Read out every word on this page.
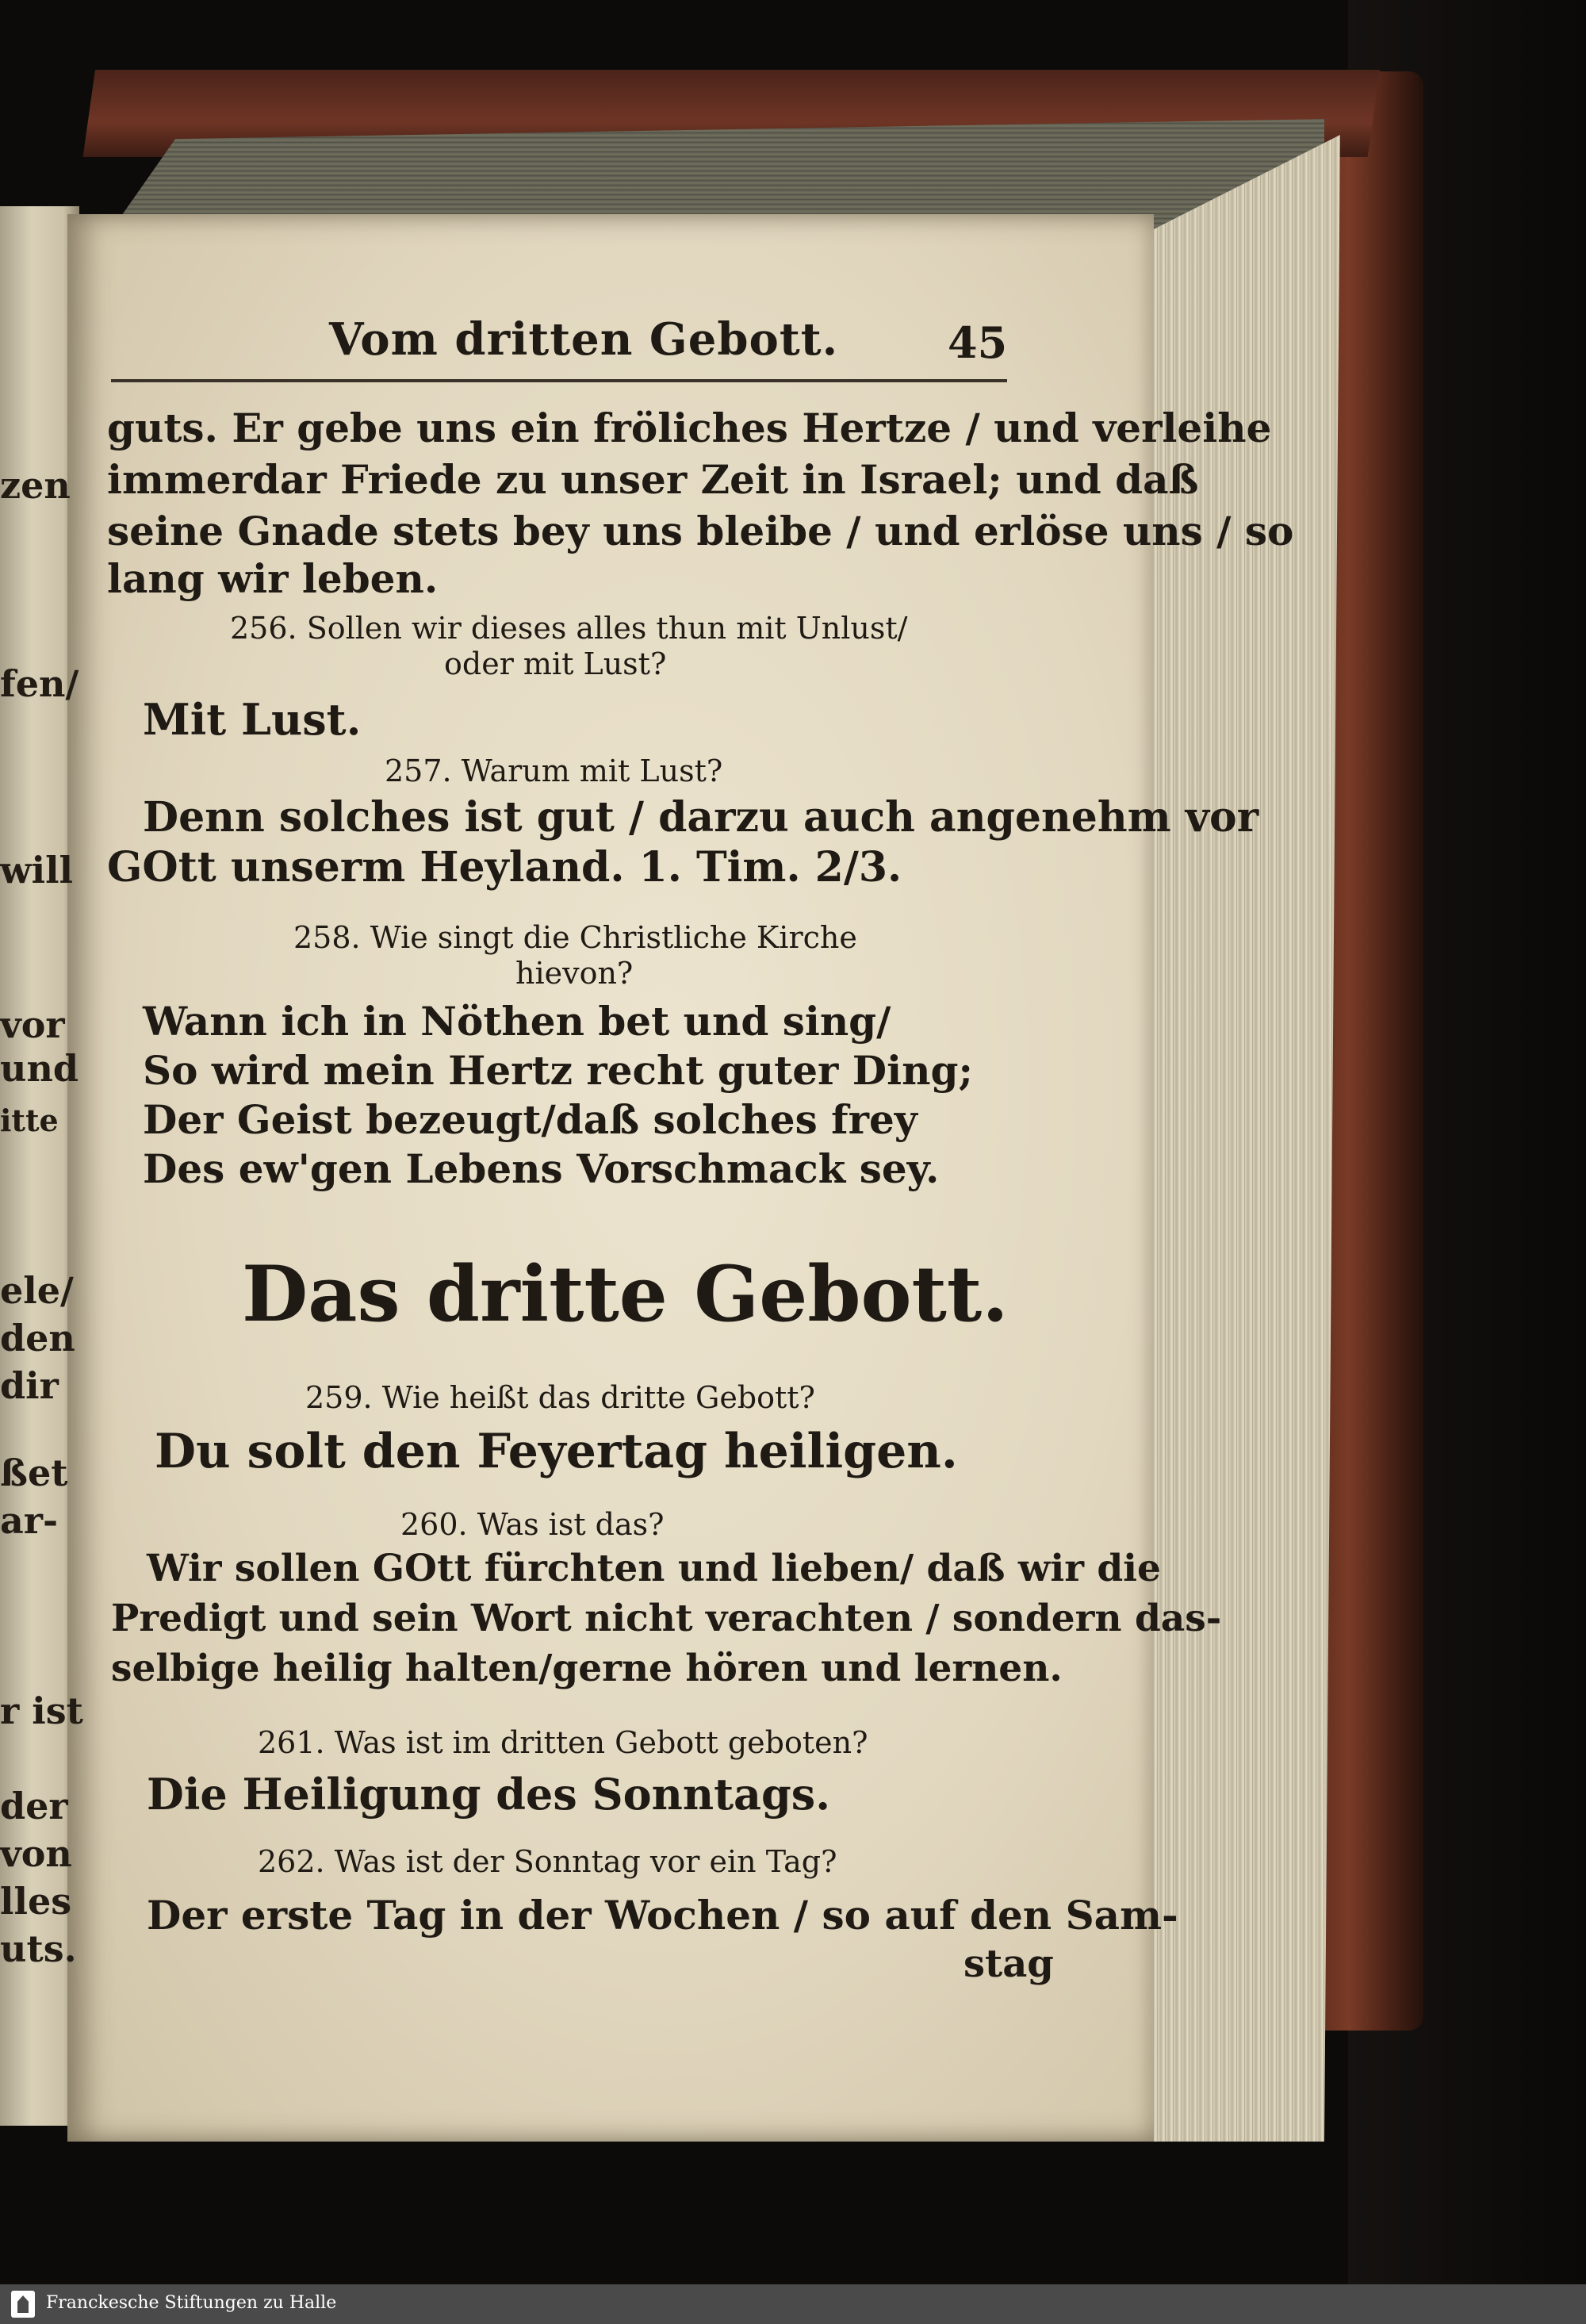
zen
fen/
will
vor
und
itte
ele/
den
dir
ßet
ar-
r ist
der
von
lles
uts.
Vom dritten Gebott.	45
guts. Er gebe uns ein fröliches Hertze / und verleihe
immerdar Friede zu unser Zeit in Israel; und daß
seine Gnade stets bey uns bleibe / und erlöse uns / so
lang wir leben.
256. Sollen wir dieses alles thun mit Unlust/
oder mit Lust?
Mit Lust.
257. Warum mit Lust?
Denn solches ist gut / darzu auch angenehm vor
GOtt unserm Heyland. 1. Tim. 2/3.
258. Wie singt die Christliche Kirche
hievon?
Wann ich in Nöthen bet und sing/
So wird mein Hertz recht guter Ding;
Der Geist bezeugt/daß solches frey
Des ew'gen Lebens Vorschmack sey.
Das dritte Gebott.
259. Wie heißt das dritte Gebott?
Du solt den Feyertag heiligen.
260. Was ist das?
Wir sollen GOtt fürchten und lieben/ daß wir die
Predigt und sein Wort nicht verachten / sondern das-
selbige heilig halten/gerne hören und lernen.
261. Was ist im dritten Gebott geboten?
Die Heiligung des Sonntags.
262. Was ist der Sonntag vor ein Tag?
Der erste Tag in der Wochen / so auf den Sam-
stag
Franckesche Stiftungen zu Halle
